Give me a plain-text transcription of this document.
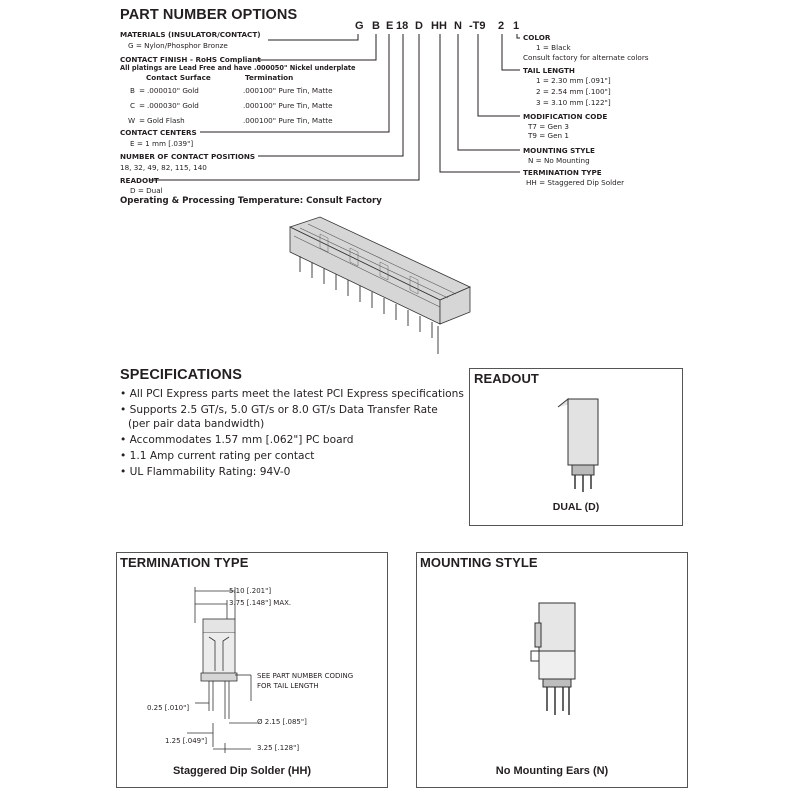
PART NUMBER OPTIONS
G B E 18 D HH N -T9 2 1
MATERIALS (INSULATOR/CONTACT)
G = Nylon/Phosphor Bronze
CONTACT FINISH - RoHS Compliant
All platings are Lead Free and have .000050" Nickel underplate
Contact Surface	Termination
B = .000010" Gold	.000100" Pure Tin, Matte
C = .000030" Gold	.000100" Pure Tin, Matte
W = Gold Flash	.000100" Pure Tin, Matte
CONTACT CENTERS
E = 1 mm [.039"]
NUMBER OF CONTACT POSITIONS
18, 32, 49, 82, 115, 140
READOUT
D = Dual
Operating & Processing Temperature: Consult Factory
COLOR
1 = Black
Consult factory for alternate colors
TAIL LENGTH
1 = 2.30 mm [.091"]
2 = 2.54 mm [.100"]
3 = 3.10 mm [.122"]
MODIFICATION CODE
T7 = Gen 3
T9 = Gen 1
MOUNTING STYLE
N = No Mounting
TERMINATION TYPE
HH = Staggered Dip Solder
SPECIFICATIONS
• All PCI Express parts meet the latest PCI Express specifications
• Supports 2.5 GT/s, 5.0 GT/s or 8.0 GT/s Data Transfer Rate
(per pair data bandwidth)
• Accommodates 1.57 mm [.062"] PC board
• 1.1 Amp current rating per contact
• UL Flammability Rating: 94V-0
READOUT
DUAL (D)
TERMINATION TYPE
5.10 [.201"]
3.75 [.148"] MAX.
SEE PART NUMBER CODING
FOR TAIL LENGTH
0.25 [.010"]
Ø 2.15 [.085"]
1.25 [.049"]
3.25 [.128"]
Staggered Dip Solder (HH)
MOUNTING STYLE
No Mounting Ears (N)
